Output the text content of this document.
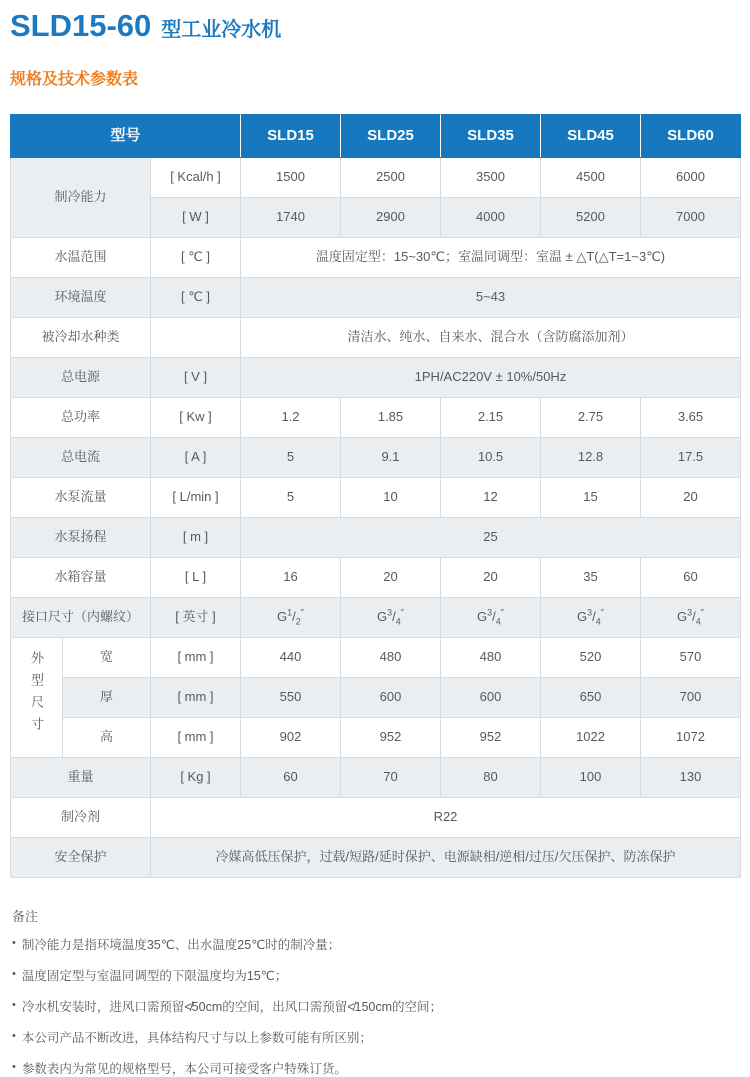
SLD15-60 型工业冷水机
规格及技术参数表
型号			SLD15	SLD25	SLD35	SLD45	SLD60
制冷能力		[ Kcal/h ]	1500	2500	3500	4500	6000
		[ W ]	1740	2900	4000	5200	7000
水温范围		[ ℃ ]	温度固定型：15~30℃；室温同调型：室温 ± △T(△T=1~3℃)				
环境温度		[ ℃ ]	5~43				
被冷却水种类			清洁水、纯水、自来水、混合水（含防腐添加剂）				
总电源		[ V ]	1PH/AC220V ± 10%/50Hz				
总功率		[ Kw ]	1.2	1.85	2.15	2.75	3.65
总电流		[ A ]	5	9.1	10.5	12.8	17.5
水泵流量		[ L/min ]	5	10	12	15	20
水泵扬程		[ m ]	25				
水箱容量		[ L ]	16	20	20	35	60
接口尺寸（内螺纹）		[ 英寸 ]	$G^1/_2''$	$G^3/_4''$	$G^3/_4''$	$G^3/_4''$	$G^3/_4''$
外型尺寸	宽	[ mm ]	440	480	480	520	570
	厚	[ mm ]	550	600	600	650	700
	高	[ mm ]	902	952	952	1022	1072
重量		[ Kg ]	60	70	80	100	130
制冷剂		R22					
安全保护		冷媒高低压保护，过载/短路/延时保护、电源缺相/逆相/过压/欠压保护、防冻保护					
备注
• 制冷能力是指环境温度35℃、出水温度25℃时的制冷量；
• 温度固定型与室温同调型的下限温度均为15℃；
• 冷水机安装时，进风口需预留≮50cm的空间，出风口需预留≮150cm的空间；
• 本公司产品不断改进，具体结构尺寸与以上参数可能有所区别；
• 参数表内为常见的规格型号，本公司可接受客户特殊订货。
